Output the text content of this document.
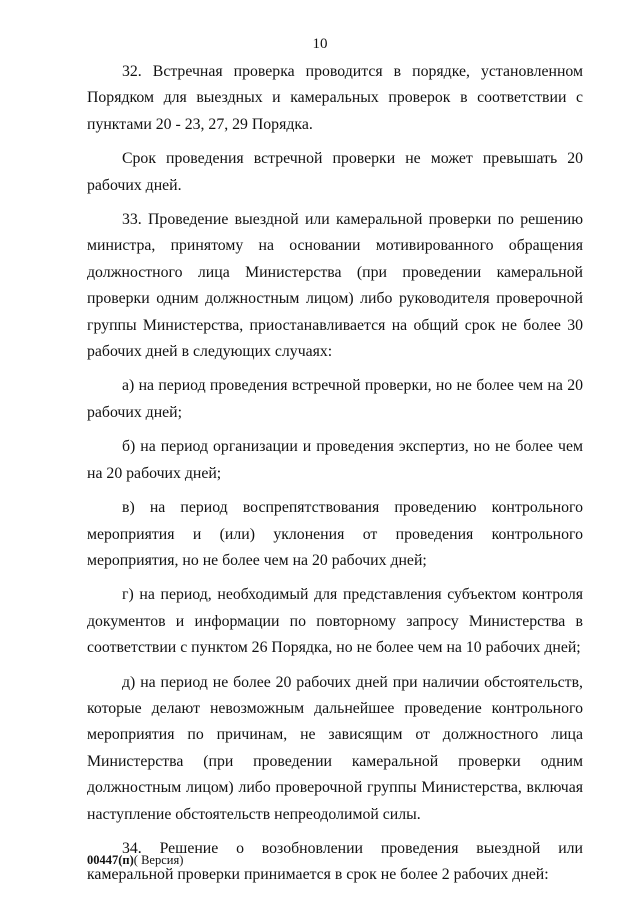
10

32. Встречная проверка проводится в порядке, установленном Порядком для выездных и камеральных проверок в соответствии с пунктами 20 - 23, 27, 29 Порядка.

Срок проведения встречной проверки не может превышать 20 рабочих дней.

33. Проведение выездной или камеральной проверки по решению министра, принятому на основании мотивированного обращения должностного лица Министерства (при проведении камеральной проверки одним должностным лицом) либо руководителя проверочной группы Министерства, приостанавливается на общий срок не более 30 рабочих дней в следующих случаях:

а) на период проведения встречной проверки, но не более чем на 20 рабочих дней;

б) на период организации и проведения экспертиз, но не более чем на 20 рабочих дней;

в) на период воспрепятствования проведению контрольного мероприятия и (или) уклонения от проведения контрольного мероприятия, но не более чем на 20 рабочих дней;

г) на период, необходимый для представления субъектом контроля документов и информации по повторному запросу Министерства в соответствии с пунктом 26 Порядка, но не более чем на 10 рабочих дней;

д) на период не более 20 рабочих дней при наличии обстоятельств, которые делают невозможным дальнейшее проведение контрольного мероприятия по причинам, не зависящим от должностного лица Министерства (при проведении камеральной проверки одним должностным лицом) либо проверочной группы Министерства, включая наступление обстоятельств непреодолимой силы.

34. Решение о возобновлении проведения выездной или камеральной проверки принимается в срок не более 2 рабочих дней:

00447(п)( Версия)
